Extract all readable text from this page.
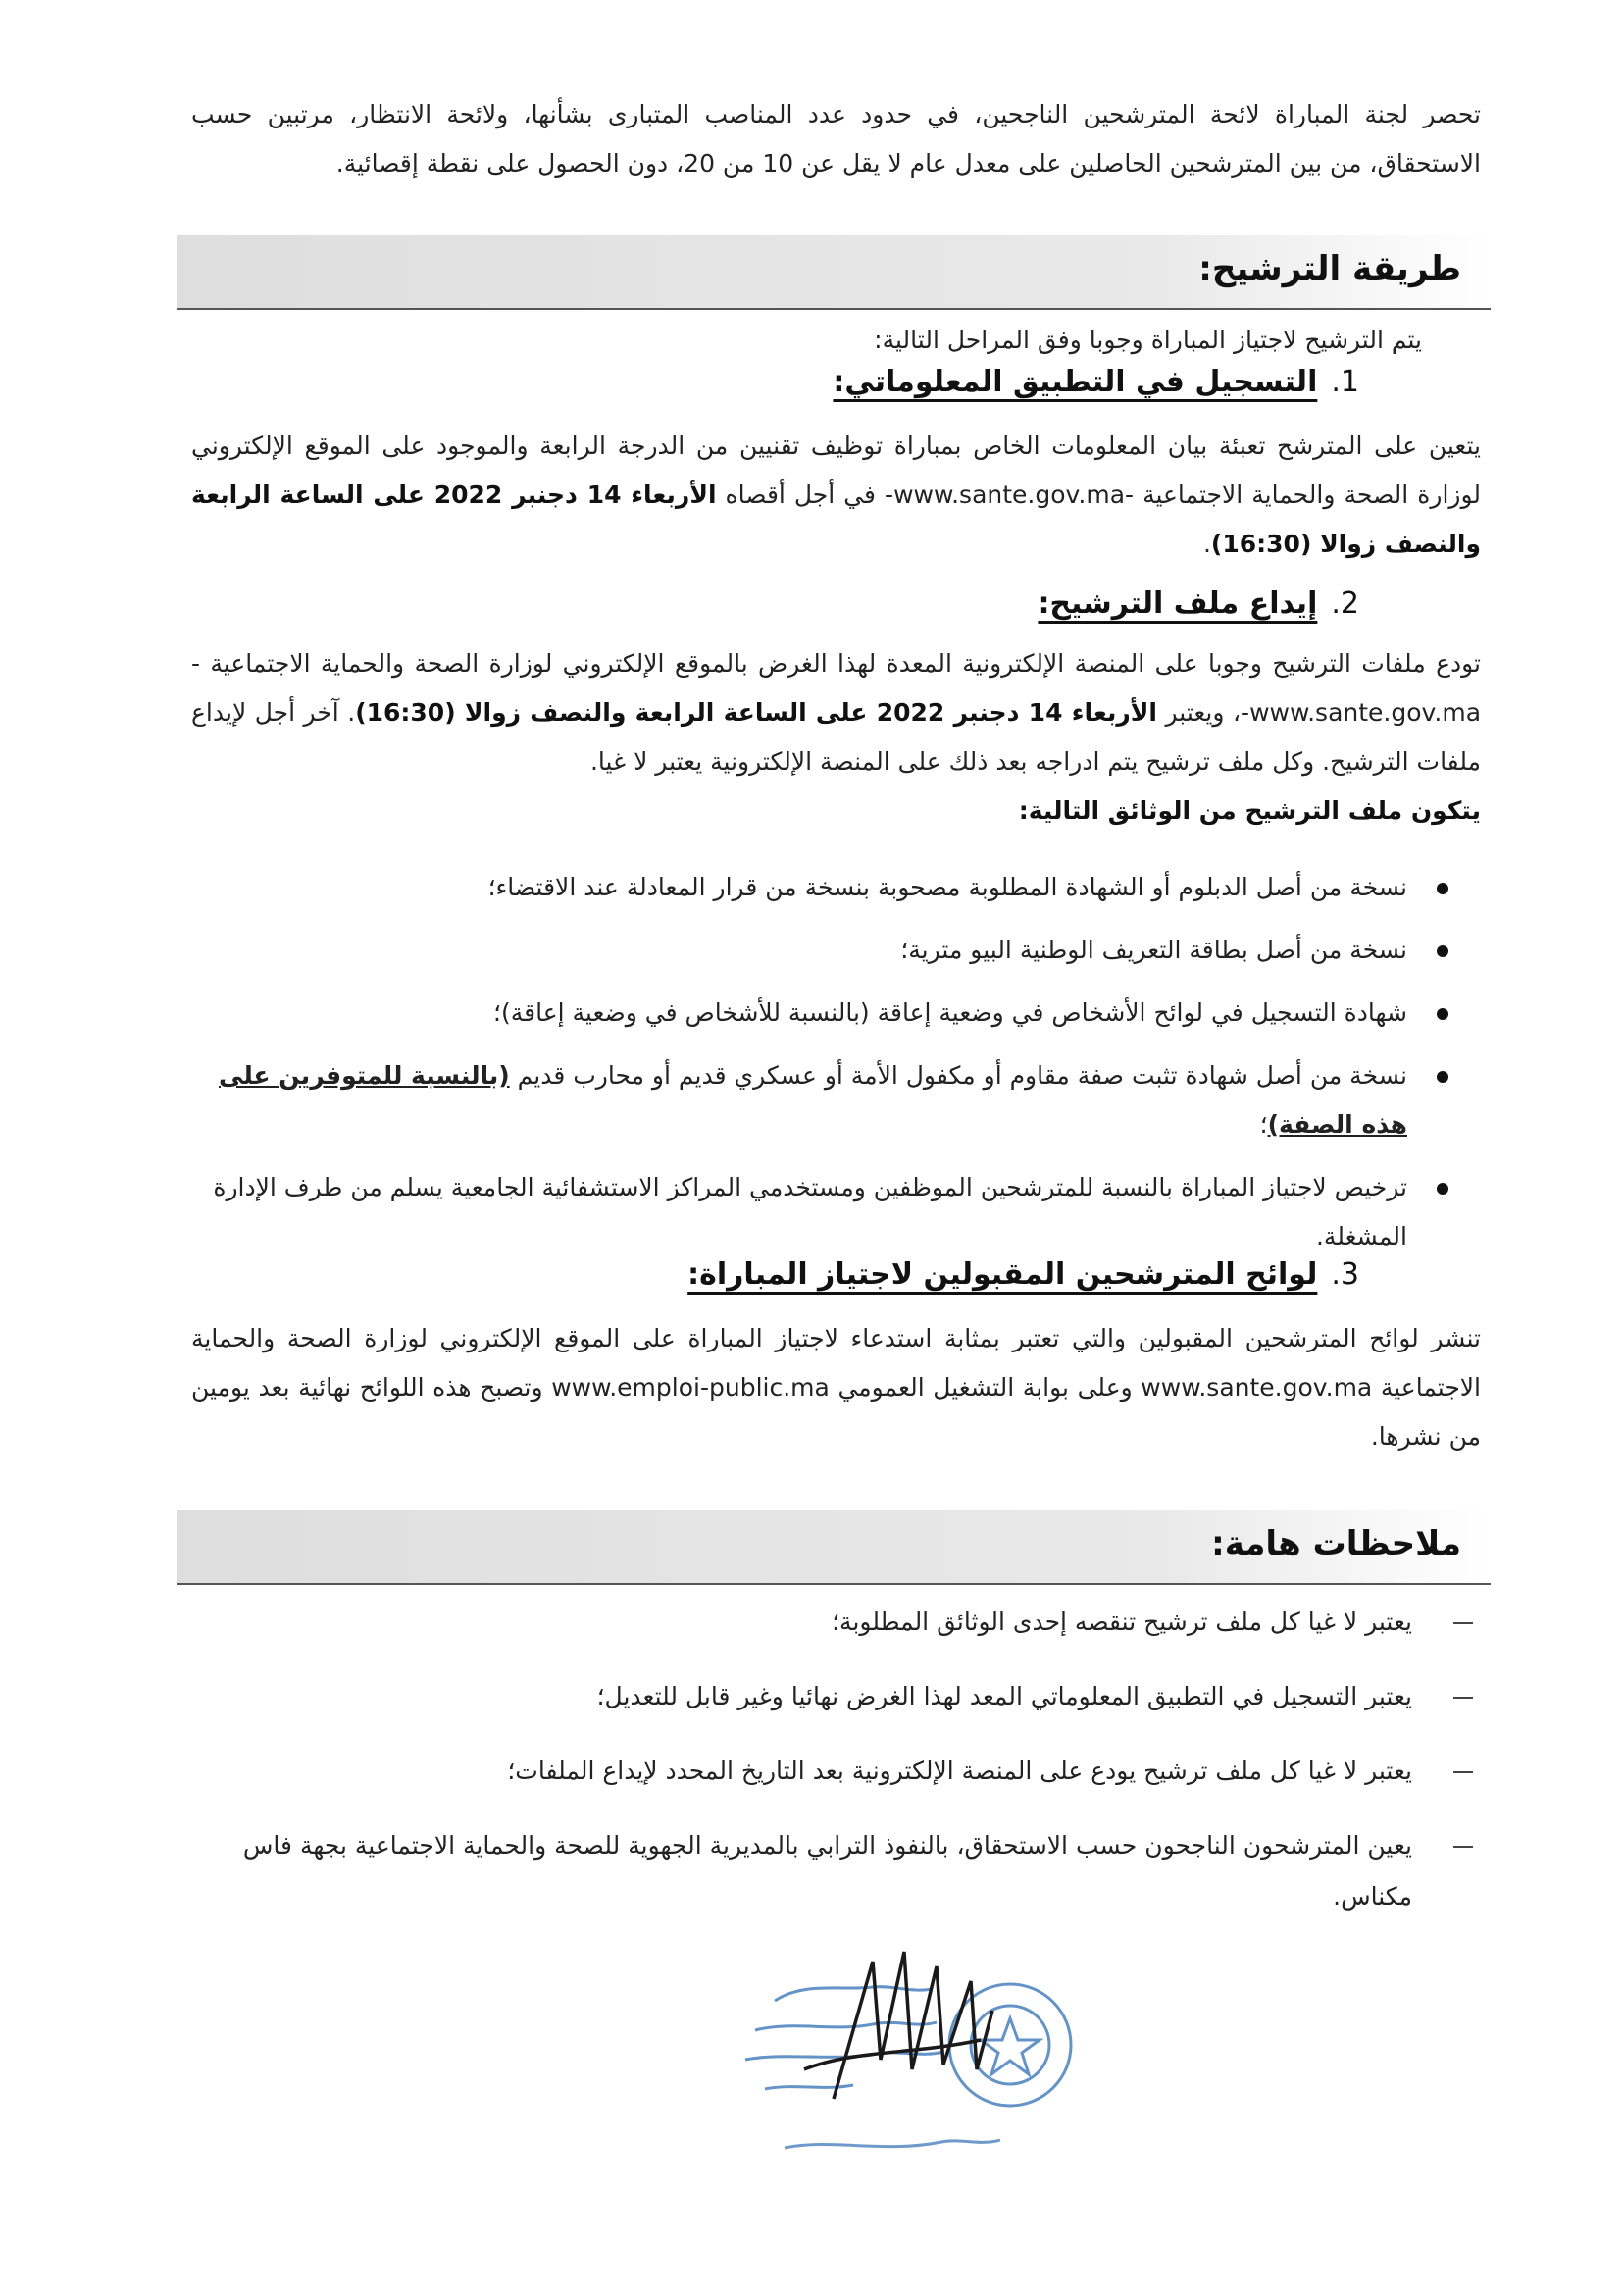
تحصر لجنة المباراة لائحة المترشحين الناجحين، في حدود عدد المناصب المتبارى بشأنها، ولائحة الانتظار، مرتبين حسب الاستحقاق، من بين المترشحين الحاصلين على معدل عام لا يقل عن 10 من 20، دون الحصول على نقطة إقصائية.

طريقة الترشيح:

يتم الترشيح لاجتياز المباراة وجوبا وفق المراحل التالية:

1.التسجيل في التطبيق المعلوماتي:

يتعين على المترشح تعبئة بيان المعلومات الخاص بمباراة توظيف تقنيين من الدرجة الرابعة والموجود على الموقع الإلكتروني لوزارة الصحة والحماية الاجتماعية -www.sante.gov.ma- في أجل أقصاه الأربعاء 14 دجنبر 2022 على الساعة الرابعة والنصف زوالا (16:30).

2.إيداع ملف الترشيح:

تودع ملفات الترشيح وجوبا على المنصة الإلكترونية المعدة لهذا الغرض بالموقع الإلكتروني لوزارة الصحة والحماية الاجتماعية -www.sante.gov.ma-، ويعتبر الأربعاء 14 دجنبر 2022 على الساعة الرابعة والنصف زوالا (16:30). آخر أجل لإيداع ملفات الترشيح. وكل ملف ترشيح يتم ادراجه بعد ذلك على المنصة الإلكترونية يعتبر لا غيا.

يتكون ملف الترشيح من الوثائق التالية:

نسخة من أصل الدبلوم أو الشهادة المطلوبة مصحوبة بنسخة من قرار المعادلة عند الاقتضاء؛
نسخة من أصل بطاقة التعريف الوطنية البيو مترية؛
شهادة التسجيل في لوائح الأشخاص في وضعية إعاقة (بالنسبة للأشخاص في وضعية إعاقة)؛
نسخة من أصل شهادة تثبت صفة مقاوم أو مكفول الأمة أو عسكري قديم أو محارب قديم (بالنسبة للمتوفرين على هذه الصفة)؛
ترخيص لاجتياز المباراة بالنسبة للمترشحين الموظفين ومستخدمي المراكز الاستشفائية الجامعية يسلم من طرف الإدارة المشغلة.
3.لوائح المترشحين المقبولين لاجتياز المباراة:

تنشر لوائح المترشحين المقبولين والتي تعتبر بمثابة استدعاء لاجتياز المباراة على الموقع الإلكتروني لوزارة الصحة والحماية الاجتماعية www.sante.gov.ma وعلى بوابة التشغيل العمومي www.emploi-public.ma وتصبح هذه اللوائح نهائية بعد يومين من نشرها.

ملاحظات هامة:
يعتبر لا غيا كل ملف ترشيح تنقصه إحدى الوثائق المطلوبة؛
يعتبر التسجيل في التطبيق المعلوماتي المعد لهذا الغرض نهائيا وغير قابل للتعديل؛
يعتبر لا غيا كل ملف ترشيح يودع على المنصة الإلكترونية بعد التاريخ المحدد لإيداع الملفات؛
يعين المترشحون الناجحون حسب الاستحقاق، بالنفوذ الترابي بالمديرية الجهوية للصحة والحماية الاجتماعية بجهة فاس مكناس.
